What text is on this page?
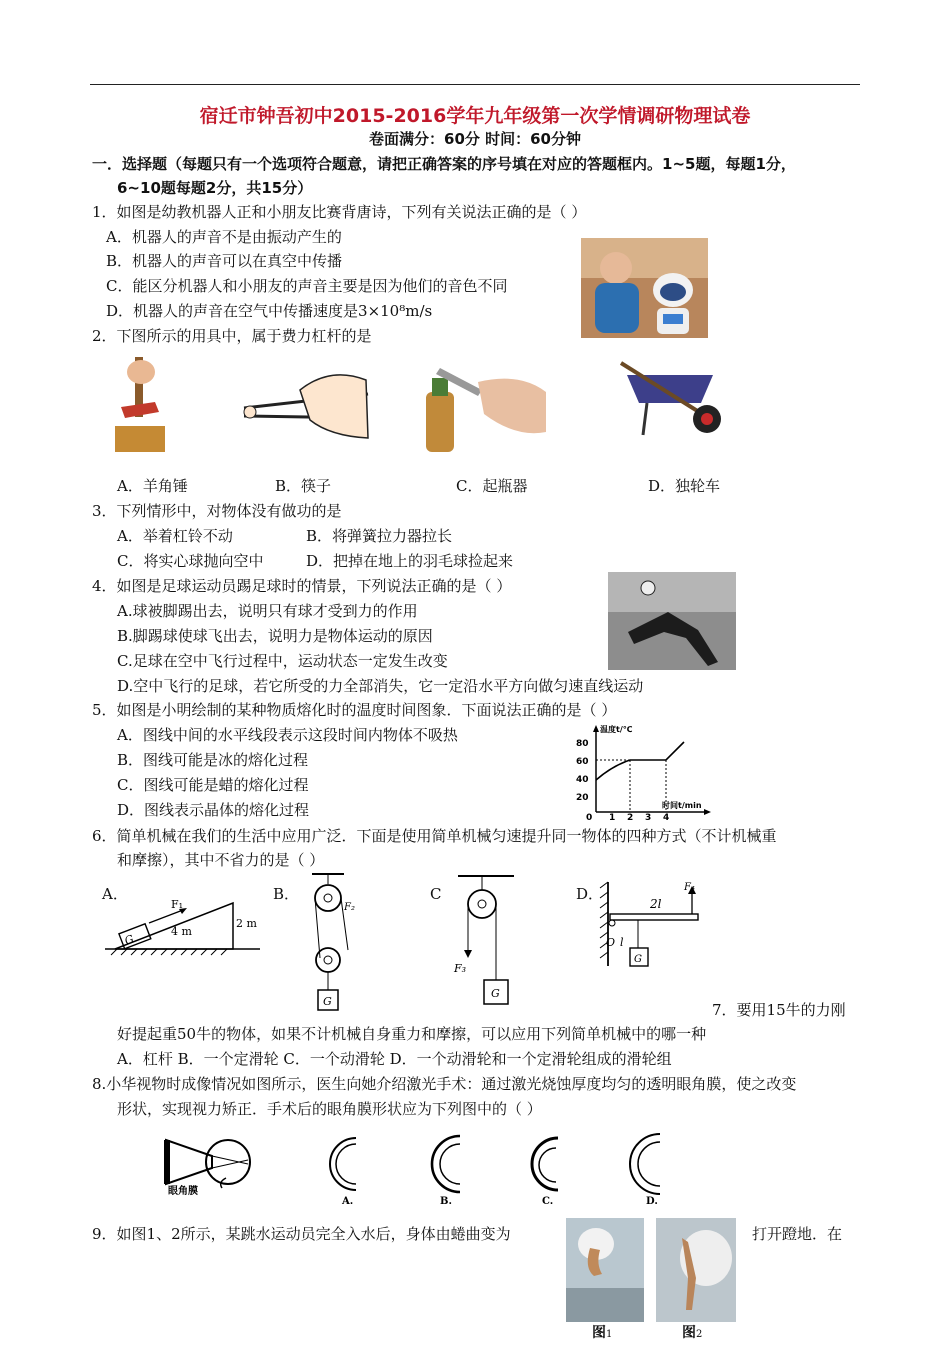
宿迁市钟吾初中2015-2016学年九年级第一次学情调研物理试卷
卷面满分：60分 时间：60分钟
一．选择题（每题只有一个选项符合题意，请把正确答案的序号填在对应的答题框内。1~5题，每题1分，
6~10题每题2分，共15分）
1．如图是幼教机器人正和小朋友比赛背唐诗，下列有关说法正确的是（ ）
A．机器人的声音不是由振动产生的
B．机器人的声音可以在真空中传播
C．能区分机器人和小朋友的声音主要是因为他们的音色不同
D．机器人的声音在空气中传播速度是3×10⁸m/s
2．下图所示的用具中，属于费力杠杆的是
A．羊角锤	B．筷子	C．起瓶器	D．独轮车
3．下列情形中，对物体没有做功的是
A．举着杠铃不动	B．将弹簧拉力器拉长
C．将实心球抛向空中	D．把掉在地上的羽毛球捡起来
4．如图是足球运动员踢足球时的情景，下列说法正确的是（ ）
A.球被脚踢出去，说明只有球才受到力的作用
B.脚踢球使球飞出去，说明力是物体运动的原因
C.足球在空中飞行过程中，运动状态一定发生改变
D.空中飞行的足球，若它所受的力全部消失，它一定沿水平方向做匀速直线运动
5．如图是小明绘制的某种物质熔化时的温度时间图象．下面说法正确的是（ ）
A．图线中间的水平线段表示这段时间内物体不吸热
B．图线可能是冰的熔化过程
C．图线可能是蜡的熔化过程
D．图线表示晶体的熔化过程
温度t/℃
80
60
40
20
0 1 2 3 4
时间t/min
6．简单机械在我们的生活中应用广泛．下面是使用简单机械匀速提升同一物体的四种方式（不计机械重
和摩擦），其中不省力的是（ ）
A．
G
F₁
4 m
2 m
B．
F₂
G
C
F₃
G
D．	F₄
2l
O l
G
7．要用15牛的力刚
好提起重50牛的物体，如果不计机械自身重力和摩擦，可以应用下列简单机械中的哪一种
A．杠杆 B．一个定滑轮 C．一个动滑轮 D．一个动滑轮和一个定滑轮组成的滑轮组
8.小华视物时成像情况如图所示，医生向她介绍激光手术：通过激光烧蚀厚度均匀的透明眼角膜，使之改变
形状，实现视力矫正．手术后的眼角膜形状应为下列图中的（ ）
眼角膜
A.	B.	C.	D.
9．如图1、2所示，某跳水运动员完全入水后，身体由蜷曲变为	打开蹬地．在
图1	图2
